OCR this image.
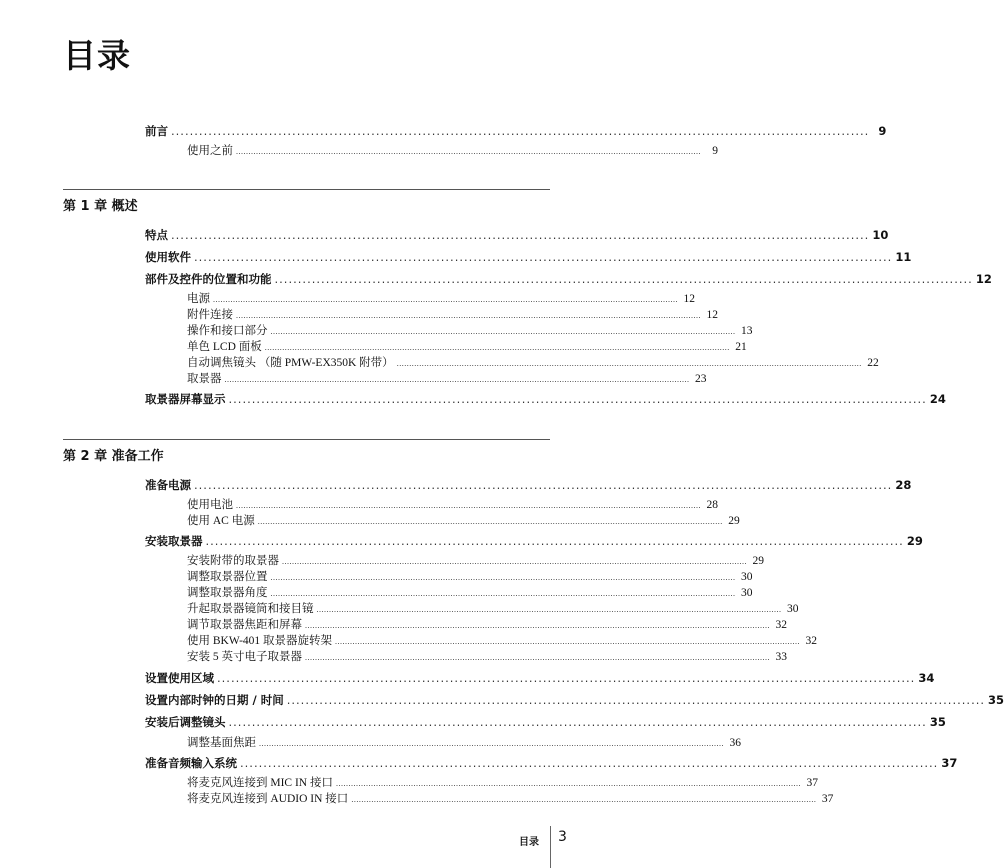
目录
前言 ...................................................................................................................................................... 9
使用之前 .......................................................................................................................................................................................... 9
第 1 章 概述
特点 ...................................................................................................................................................... 10
使用软件 ...................................................................................................................................................... 11
部件及控件的位置和功能 ...................................................................................................................................................... 12
电源 .......................................................................................................................................................................................... 12
附件连接 .......................................................................................................................................................................................... 12
操作和接口部分 .......................................................................................................................................................................................... 13
单色 LCD 面板 .......................................................................................................................................................................................... 21
自动调焦镜头 （随 PMW-EX350K 附带） .......................................................................................................................................................................................... 22
取景器 .......................................................................................................................................................................................... 23
取景器屏幕显示 ...................................................................................................................................................... 24
第 2 章 准备工作
准备电源 ...................................................................................................................................................... 28
使用电池 .......................................................................................................................................................................................... 28
使用 AC 电源 .......................................................................................................................................................................................... 29
安装取景器 ...................................................................................................................................................... 29
安装附带的取景器 .......................................................................................................................................................................................... 29
调整取景器位置 .......................................................................................................................................................................................... 30
调整取景器角度 .......................................................................................................................................................................................... 30
升起取景器镜筒和接目镜 .......................................................................................................................................................................................... 30
调节取景器焦距和屏幕 .......................................................................................................................................................................................... 32
使用 BKW-401 取景器旋转架 .......................................................................................................................................................................................... 32
安装 5 英寸电子取景器 .......................................................................................................................................................................................... 33
设置使用区域 ...................................................................................................................................................... 34
设置内部时钟的日期 / 时间 ...................................................................................................................................................... 35
安装后调整镜头 ...................................................................................................................................................... 35
调整基面焦距 .......................................................................................................................................................................................... 36
准备音频输入系统 ...................................................................................................................................................... 37
将麦克风连接到 MIC IN 接口 .......................................................................................................................................................................................... 37
将麦克风连接到 AUDIO IN 接口 .......................................................................................................................................................................................... 37
目录 3
